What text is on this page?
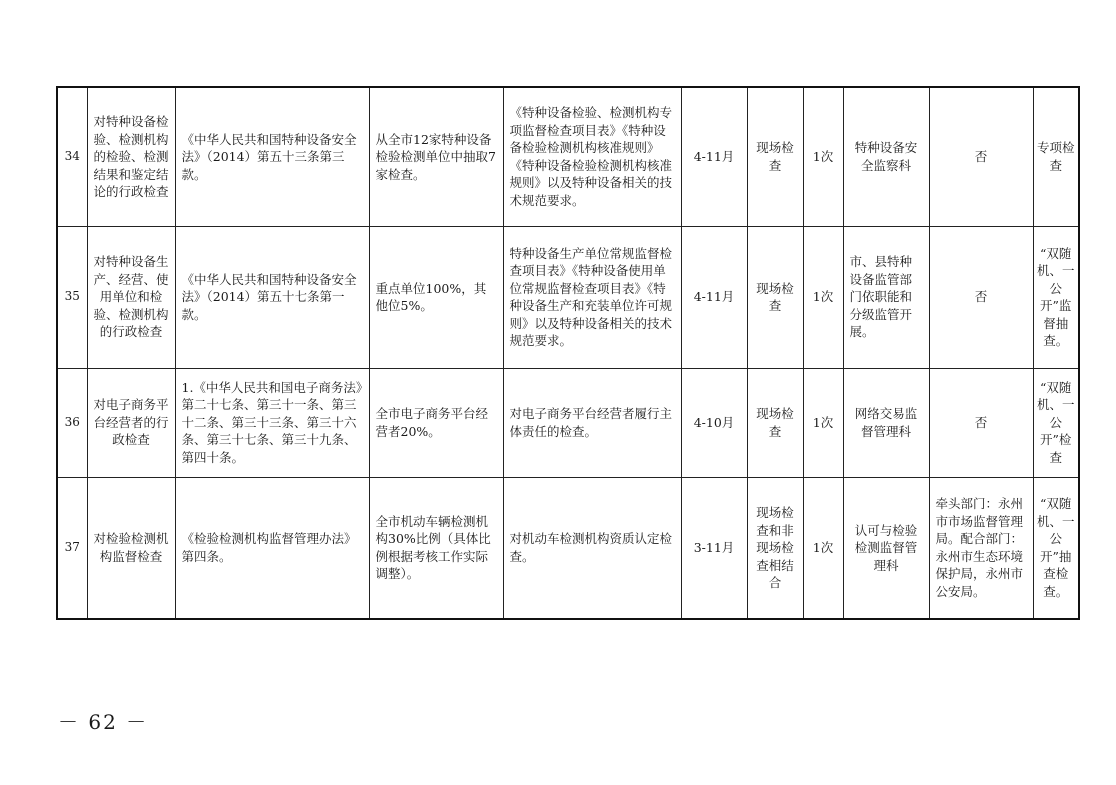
34	对特种设备检验、检测机构的检验、检测结果和鉴定结论的行政检查	《中华人民共和国特种设备安全法》（2014）第五十三条第三款。	从全市12家特种设备检验检测单位中抽取7家检查。	《特种设备检验、检测机构专项监督检查项目表》《特种设备检验检测机构核准规则》《特种设备检验检测机构核准规则》以及特种设备相关的技术规范要求。	4-11月	现场检查	1次	特种设备安全监察科	否	专项检查
35	对特种设备生产、经营、使用单位和检验、检测机构的行政检查	《中华人民共和国特种设备安全法》（2014）第五十七条第一款。	重点单位100%，其他位5%。	特种设备生产单位常规监督检查项目表》《特种设备使用单位常规监督检查项目表》《特种设备生产和充装单位许可规则》以及特种设备相关的技术规范要求。	4-11月	现场检查	1次	市、县特种设备监管部门依职能和分级监管开展。	否	“双随机、一公开”监督抽查。
36	对电子商务平台经营者的行政检查	1.《中华人民共和国电子商务法》第二十七条、第三十一条、第三十二条、第三十三条、第三十六条、第三十七条、第三十九条、第四十条。	全市电子商务平台经营者20%。	对电子商务平台经营者履行主体责任的检查。	4-10月	现场检查	1次	网络交易监督管理科	否	“双随机、一公开”检查
37	对检验检测机构监督检查	《检验检测机构监督管理办法》第四条。	全市机动车辆检测机构30%比例（具体比例根据考核工作实际调整）。	对机动车检测机构资质认定检查。	3-11月	现场检查和非现场检查相结合	1次	认可与检验检测监督管理科	牵头部门：永州市市场监督管理局。配合部门：永州市生态环境保护局，永州市公安局。	“双随机、一公开”抽查检查。
－ 62 －
